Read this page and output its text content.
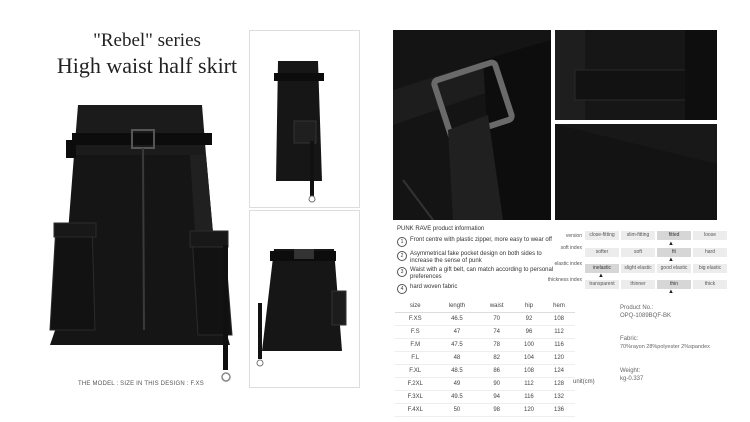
"Rebel" series
High waist half skirt
THE MODEL : SIZE IN THIS DESIGN : F.XS
PUNK RAVE product information
1 Front centre with plastic zipper, more easy to wear off
2 Asymmetrical fake pocket design on both sides to increase the sense of punk
3 Waist with a gift belt, can match according to personal preferences
4 hard woven fabric
version	close-fitting	slim-fitting	fitted	loose
▲
soft index
softer	soft	fit	hard
▲
elastic index
inelastic	slight elastic	good elastic	big elastic
▲
thickness index
transparent	thinner	thin	thick
▲
size	length	waist	hip	hem
F.XS	46.5	70	92	108
F.S	47	74	96	112
F.M	47.5	78	100	116
F.L	48	82	104	120
F.XL	48.5	86	108	124
F.2XL	49	90	112	128
F.3XL	49.5	94	116	132
F.4XL	50	98	120	136
unit(cm)
Product No.:
OPQ-1089BQF-BK
Fabric:
70%rayon 28%polyester 2%spandex
Weight:
kg-0.337
